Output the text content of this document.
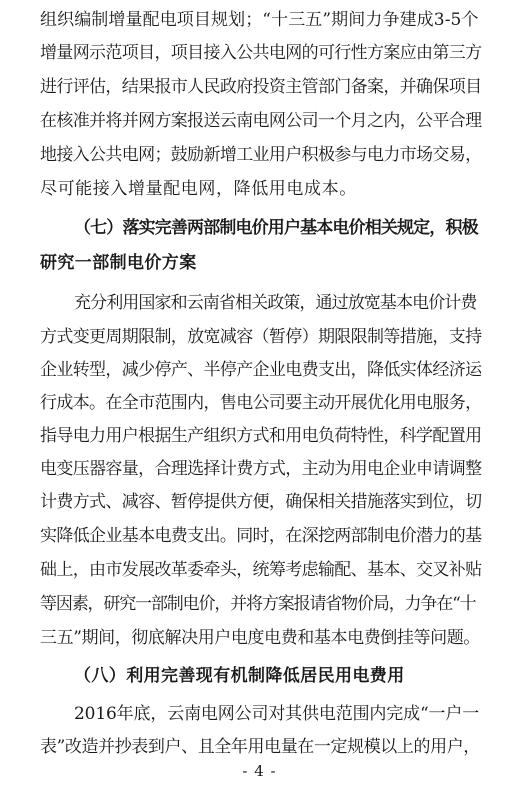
组织编制增量配电项目规划；“十三五”期间力争建成3-5个
增量网示范项目，项目接入公共电网的可行性方案应由第三方
进行评估，结果报市人民政府投资主管部门备案，并确保项目
在核准并将并网方案报送云南电网公司一个月之内，公平合理
地接入公共电网；鼓励新增工业用户积极参与电力市场交易，
尽可能接入增量配电网，降低用电成本。
（七）落实完善两部制电价用户基本电价相关规定，积极
研究一部制电价方案
充分利用国家和云南省相关政策，通过放宽基本电价计费
方式变更周期限制，放宽减容（暂停）期限限制等措施，支持
企业转型，减少停产、半停产企业电费支出，降低实体经济运
行成本。在全市范围内，售电公司要主动开展优化用电服务，
指导电力用户根据生产组织方式和用电负荷特性，科学配置用
电变压器容量，合理选择计费方式，主动为用电企业申请调整
计费方式、减容、暂停提供方便，确保相关措施落实到位，切
实降低企业基本电费支出。同时，在深挖两部制电价潜力的基
础上，由市发展改革委牵头，统筹考虑输配、基本、交叉补贴
等因素，研究一部制电价，并将方案报请省物价局，力争在“十
三五”期间，彻底解决用户电度电费和基本电费倒挂等问题。
（八）利用完善现有机制降低居民用电费用
2016年底，云南电网公司对其供电范围内完成“一户一
表”改造并抄表到户、且全年用电量在一定规模以上的用户，
- 4 -
